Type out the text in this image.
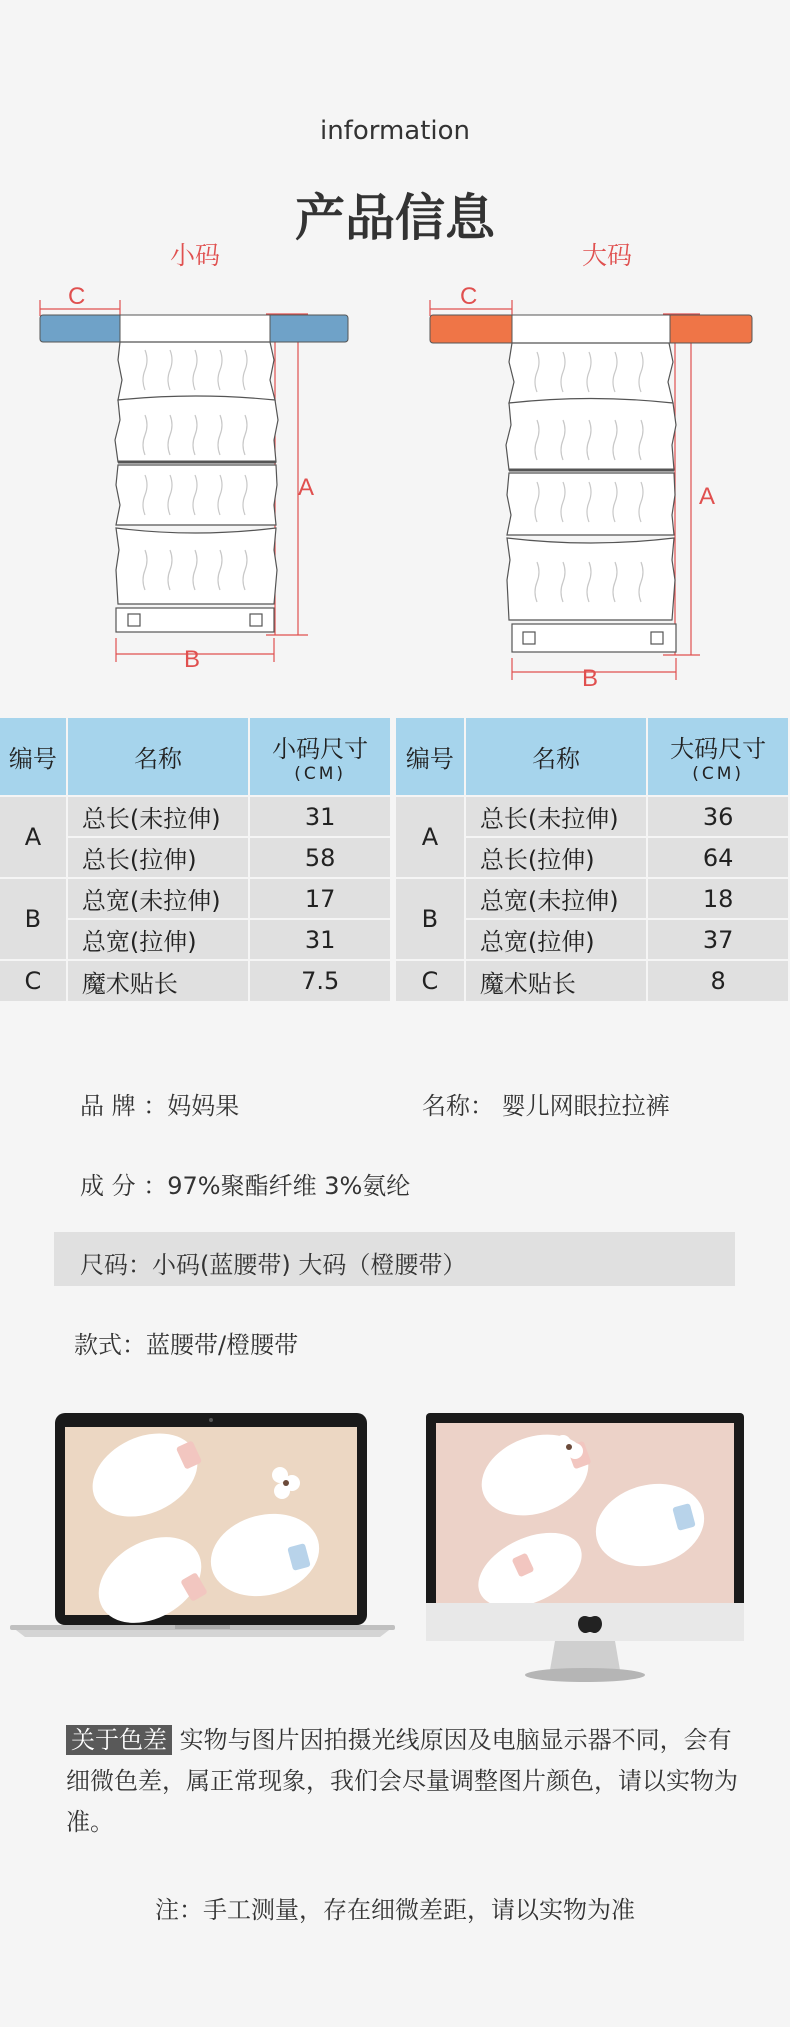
information
产品信息
小码	大码
C
A
B
C
A
B
编号	名称	小码尺寸
(CM)

A	总长(未拉伸)	31
	总长(拉伸)	58
B	总宽(未拉伸)	17
	总宽(拉伸)	31
C	魔术贴长	7.5
编号	名称	大码尺寸
(CM)

A	总长(未拉伸)	36
	总长(拉伸)	64
B	总宽(未拉伸)	18
	总宽(拉伸)	37
C	魔术贴长	8
品 牌 ：妈妈果	名称： 婴儿网眼拉拉裤
成 分 ：97%聚酯纤维 3%氨纶
尺码：小码(蓝腰带) 大码（橙腰带）
款式：蓝腰带/橙腰带
关于色差 实物与图片因拍摄光线原因及电脑显示器不同，会有细微色差，属正常现象，我们会尽量调整图片颜色，请以实物为准。
注：手工测量，存在细微差距，请以实物为准
